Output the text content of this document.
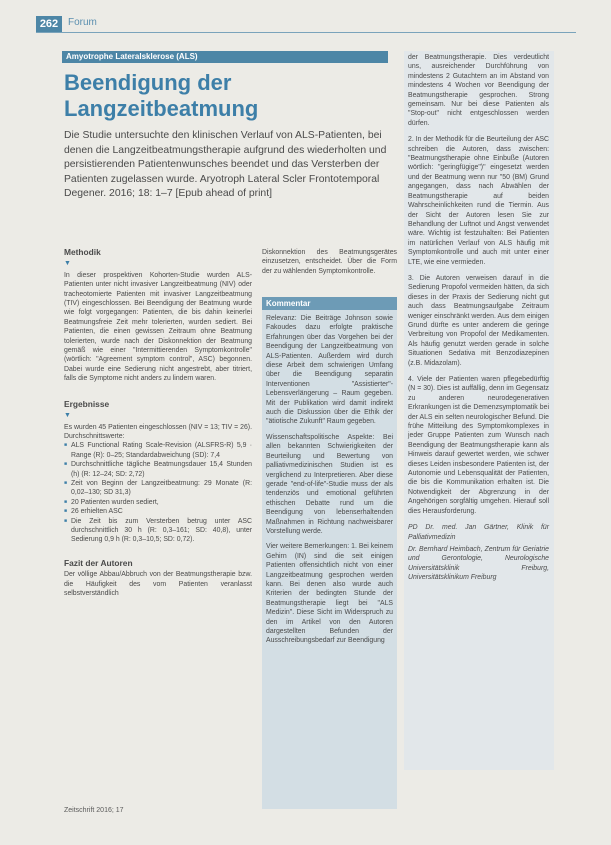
262 Forum
Amyotrophe Lateralsklerose (ALS)
Beendigung der Langzeitbeatmung
Die Studie untersuchte den klinischen Verlauf von ALS-Patienten, bei denen die Langzeitbeatmungstherapie aufgrund des wiederholten und persistierenden Patientenwunsches beendet und das Versterben der Patienten zugelassen wurde. Aryotroph Lateral Scler Frontotemporal Degener. 2016; 18: 1–7 [Epub ahead of print]
Methodik
▼

In dieser prospektiven Kohorten-Studie wurden ALS-Patienten unter nicht invasiver Langzeitbeatmung (NIV) oder tracheotomierte Patienten mit invasiver Langzeitbeatmung (TIV) eingeschlossen. Bei Beendigung der Beatmung wurde wie folgt vorgegangen: Patienten, die bis dahin keinerlei Beatmungsfreie Zeit mehr tolerierten, wurden sediert. Bei Patienten, die einen gewissen Zeitraum ohne Beatmung tolerierten, wurde nach der Diskonnektion der Beatmung gemäß wie einer "Intermittierenden Symptomkontrolle" (wörtlich: "Agreement symptom control", ASC) begonnen. Dabei wurde eine Sedierung nicht angestrebt, aber titriert, falls die Symptome nicht anders zu lindern waren.

Ergebnisse
▼

Es wurden 45 Patienten eingeschlossen (NIV = 13; TIV = 26). Durchschnittswerte:

■ ALS Functional Rating Scale-Revision (ALSFRS-R) 5,9 · Range (R): 0–25; Standardabweichung (SD): 7,4
■ Durchschnittliche tägliche Beatmungsdauer 15,4 Stunden (h) (R: 12–24; SD: 2,72)
■ Zeit von Beginn der Langzeitbeatmung: 29 Monate (R: 0,02–130; SD 31,3)
■ 20 Patienten wurden sediert,
■ 26 erhielten ASC
■ Die Zeit bis zum Versterben betrug unter ASC durchschnittlich 30 h (R: 0,3–161; SD: 40,8), unter Sedierung 0,9 h (R: 0,3–10,5; SD: 0,72).
Fazit der Autoren

Der völlige Abbau/Abbruch von der Beatmungstherapie bzw. die Häufigkeit des vom Patienten veranlasst selbstverständlich

Diskonnektion des Beatmungsgerätes einzusetzen, entscheidet. Über die Form der zu wählenden Symptomkontrolle.

Kommentar

Relevanz: Die Beiträge Johnson sowie Fakoudes dazu erfolgte praktische Erfahrungen über das Vorgehen bei der Beendigung der Langzeitbeatmung von ALS-Patienten. Außerdem wird durch diese Arbeit dem schwierigen Umfang über die Beendigung separatin Interventionen "Assistierter"-Lebensverlängerung – Raum gegeben. Mit der Publikation wird damit indirekt auch die Diskussion über die Ethik der "ätiotische Zukunft" Raum gegeben.

Wissenschaftspolitische Aspekte: Bei allen bekannten Schwierigkeiten der Beurteilung und Bewertung von palliativmedizinischen Studien ist es verglichend zu Interpretieren. Aber diese gerade "end-of-life"-Studie muss der als tendenziös und emotional geführten ethischen Debatte rund um die Beendigung von lebenserhaltenden Maßnahmen in Richtung nachweisbarer Vorstellung werde.

Vier weitere Bemerkungen: 1. Bei keinem Gehirn (IN) sind die seit einigen Patienten offensichtlich nicht von einer Langzeitbeatmung gesprochen werden kann. Bei denen also wurde auch Kriterien der bedingten Stunde der Beatmungstherapie liegt bei "ALS Medizin". Diese Sicht im Widerspruch zu den im Artikel von den Autoren dargestellten Befunden der Ausschreibungsbedarf zur Beendigung

der Beatmungstherapie. Dies verdeutlicht uns, ausreichender Durchführung von mindestens 2 Gutachtern an im Abstand von mindestens 4 Wochen vor Beendigung der Beatmungstherapie gesprochen. Strong gemeinsam. Nur bei diese Patienten als "Stop-out" nicht entgeschlossen werden dürfen.

2. In der Methodik für die Beurteilung der ASC schreiben die Autoren, dass zwischen: "Beatmungstherapie ohne Einbuße (Autoren wörtlich: "geringfügige")" eingesetzt werden und der Beatmung wenn nur "50 (BM) Grund angegangen, dass nach Abwählen der Beatmungstherapie auf beiden Wahrscheinlichkeiten rund die Tiermin. Aus der Sicht der Autoren lesen Sie zur Behandlung der Luftnot und Angst verwendet wäre. Wichtig ist festzuhalten: Bei Patienten im natürlichen Verlauf von ALS häufig mit Symptomkontrolle und auch mit unter einer LTE, wie eine vermieden.

3. Die Autoren verweisen darauf in die Sedierung Propofol vermeiden hätten, da sich dieses in der Praxis der Sedierung nicht gut auch dass Beatmungsaufgabe Zeitraum weniger einschränkt werden. Aus dem einigen Grund dürfte es unter anderem die geringe Verbreitung von Propofol der Medikamenten. Als häufig genutzt werden gerade in solche Situationen Sedativa mit Benzodiazepinen (z.B. Midazolam).

4. Viele der Patienten waren pflegebedürftig (N = 30). Dies ist auffällig, denn im Gegensatz zu anderen neurodegenerativen Erkrankungen ist die Demenzsymptomatik bei der ALS ein selten neurologischer Befund. Die frühe Mitteilung des Symptomkomplexes in jeder Gruppe Patienten zum Wunsch nach Beendigung der Beatmungstherapie kann als Hinweis darauf gewertet werden, wie schwer dieses Leiden insbesondere Patienten ist, der Autonomie und Lebensqualität der Patienten, die bis die Kommunikation erhalten ist. Die Notwendigkeit der Abgrenzung in der Angehörigen sorgfältig umgehen. Hierauf soll dies Herausforderung.

PD Dr. med. Jan Gärtner, Klinik für Palliativmedizin

Dr. Bernhard Heimbach, Zentrum für Geriatrie und Gerontologie, Neurologische Universitätsklinik Freiburg, Universitätsklinikum Freiburg

Zeitschrift 2016; 17
